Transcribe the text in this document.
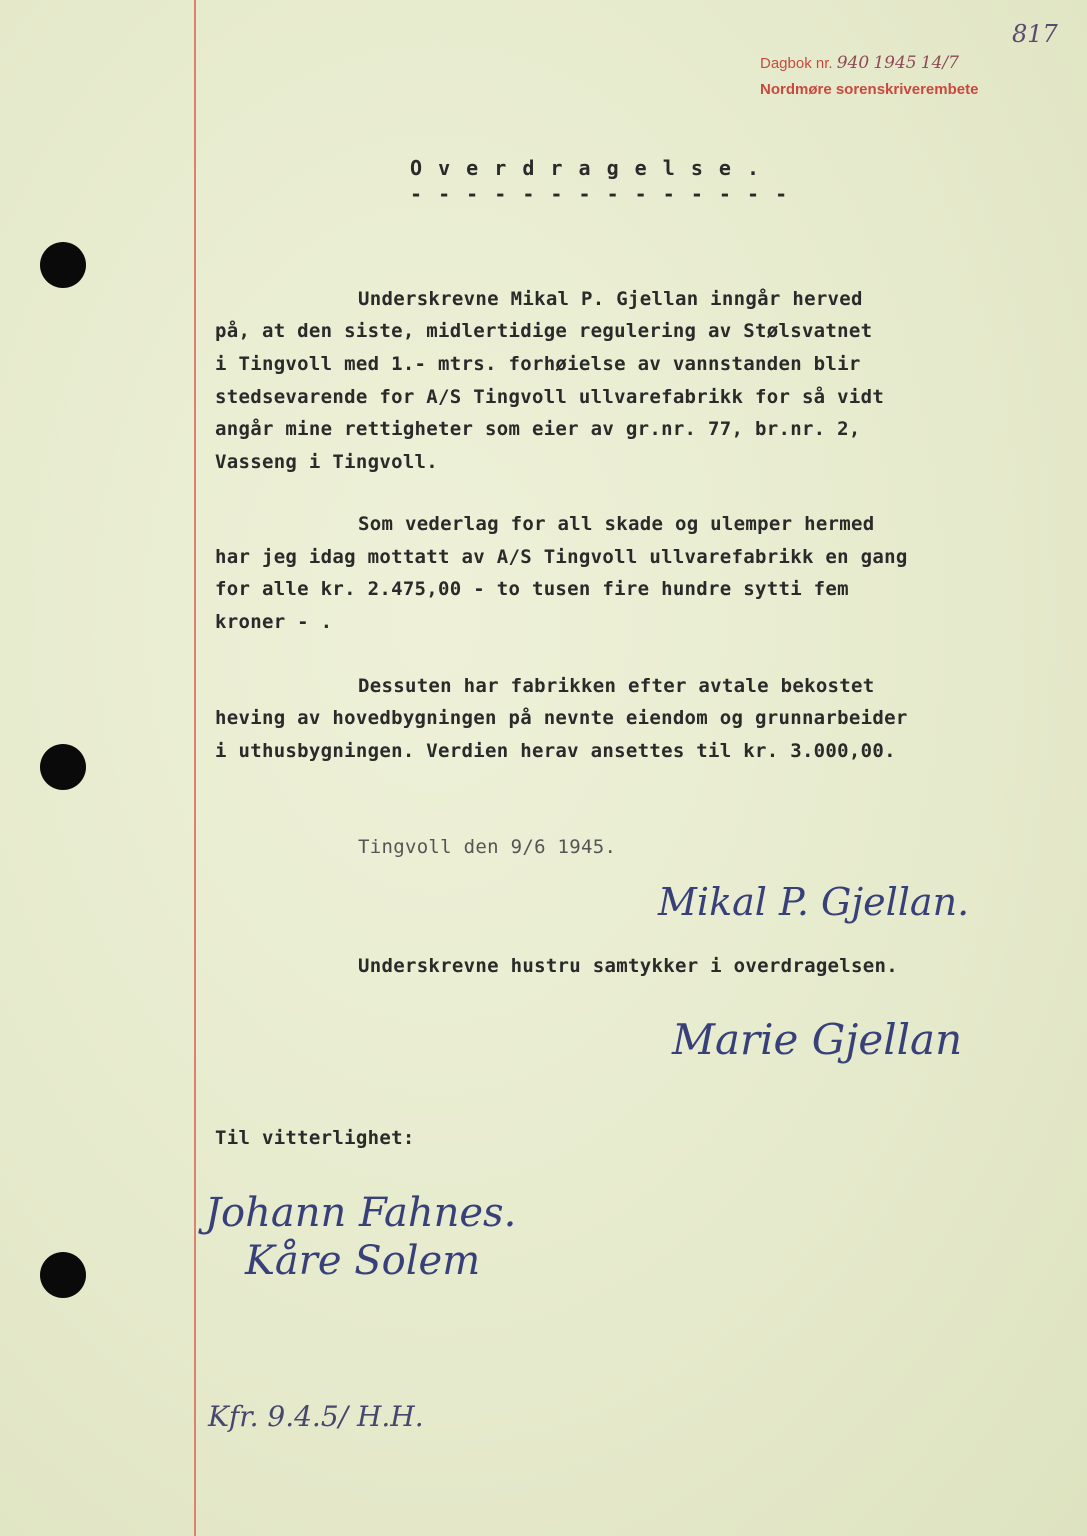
817
Dagbok nr. 940 1945 14/7
Nordmøre sorenskriverembete
O v e r d r a g e l s e .
- - - - - - - - - - - - - -
Underskrevne Mikal P. Gjellan inngår herved
på, at den siste, midlertidige regulering av Stølsvatnet
i Tingvoll med 1.- mtrs. forhøielse av vannstanden blir
stedsevarende for A/S Tingvoll ullvarefabrikk for så vidt
angår mine rettigheter som eier av gr.nr. 77, br.nr. 2,
Vasseng i Tingvoll.
Som vederlag for all skade og ulemper hermed
har jeg idag mottatt av A/S Tingvoll ullvarefabrikk en gang
for alle kr. 2.475,00 - to tusen fire hundre sytti fem
kroner - .
Dessuten har fabrikken efter avtale bekostet
heving av hovedbygningen på nevnte eiendom og grunnarbeider
i uthusbygningen. Verdien herav ansettes til kr. 3.000,00.
Tingvoll den 9/6 1945.
Mikal P. Gjellan.
Underskrevne hustru samtykker i overdragelsen.
Marie Gjellan
Til vitterlighet:
Johann Fahnes.
Kåre Solem
Kfr. 9.4.5/ H.H.
